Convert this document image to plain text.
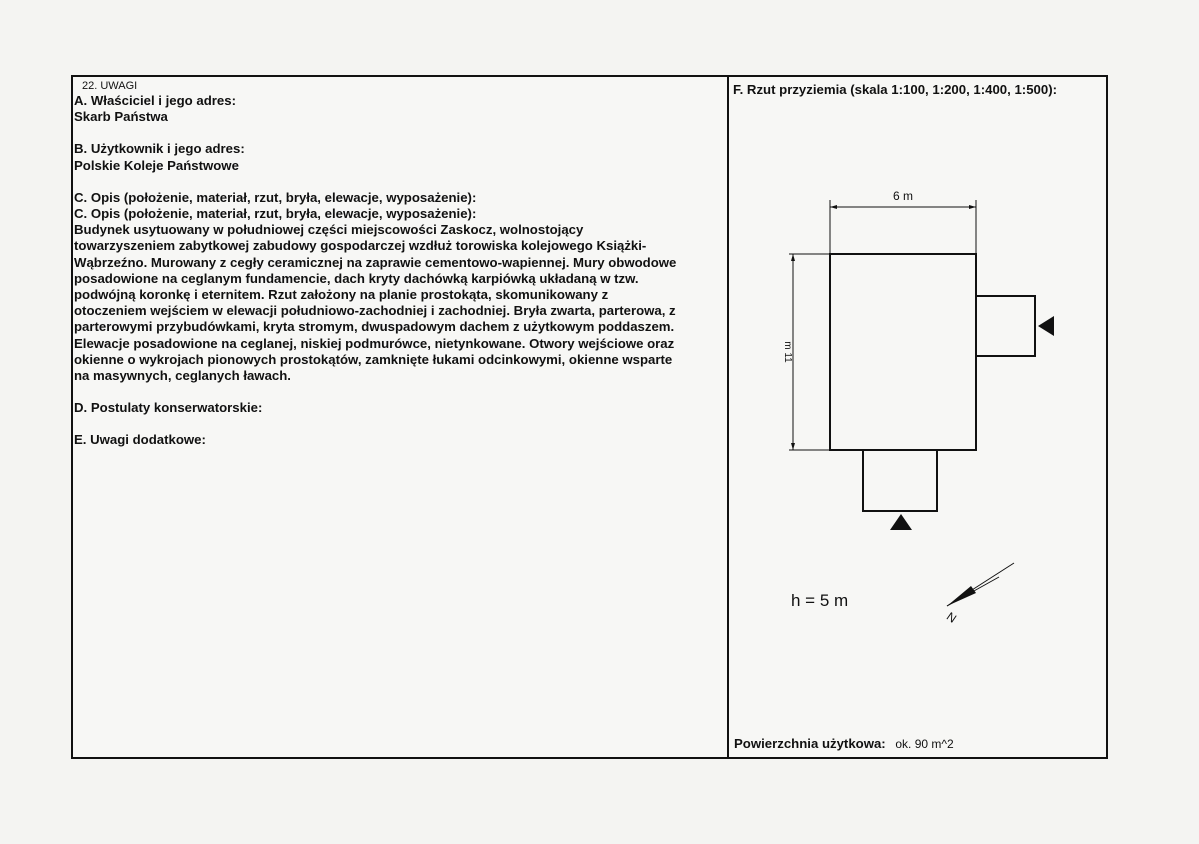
22. UWAGI
A. Właściciel i jego adres:
Skarb Państwa
B. Użytkownik i jego adres:
Polskie Koleje Państwowe
C. Opis (położenie, materiał, rzut, bryła, elewacje, wyposażenie):
C. Opis (położenie, materiał, rzut, bryła, elewacje, wyposażenie):
Budynek usytuowany w południowej części miejscowości Zaskocz, wolnostojący
towarzyszeniem zabytkowej zabudowy gospodarczej wzdłuż torowiska kolejowego Książki-
Wąbrzeźno. Murowany z cegły ceramicznej na zaprawie cementowo-wapiennej. Mury obwodowe
posadowione na ceglanym fundamencie, dach kryty dachówką karpiówką układaną w tzw.
podwójną koronkę i eternitem. Rzut założony na planie prostokąta, skomunikowany z
otoczeniem wejściem w elewacji południowo-zachodniej i zachodniej. Bryła zwarta, parterowa, z
parterowymi przybudówkami, kryta stromym, dwuspadowym dachem z użytkowym poddaszem.
Elewacje posadowione na ceglanej, niskiej podmurówce, nietynkowane. Otwory wejściowe oraz
okienne o wykrojach pionowych prostokątów, zamknięte łukami odcinkowymi, okienne wsparte
na masywnych, ceglanych ławach.
D. Postulaty konserwatorskie:
E. Uwagi dodatkowe:
F. Rzut przyziemia (skala 1:100, 1:200, 1:400, 1:500):
6 m
m 11
h = 5 m
N
Powierzchnia użytkowa: ok. 90 m^2
